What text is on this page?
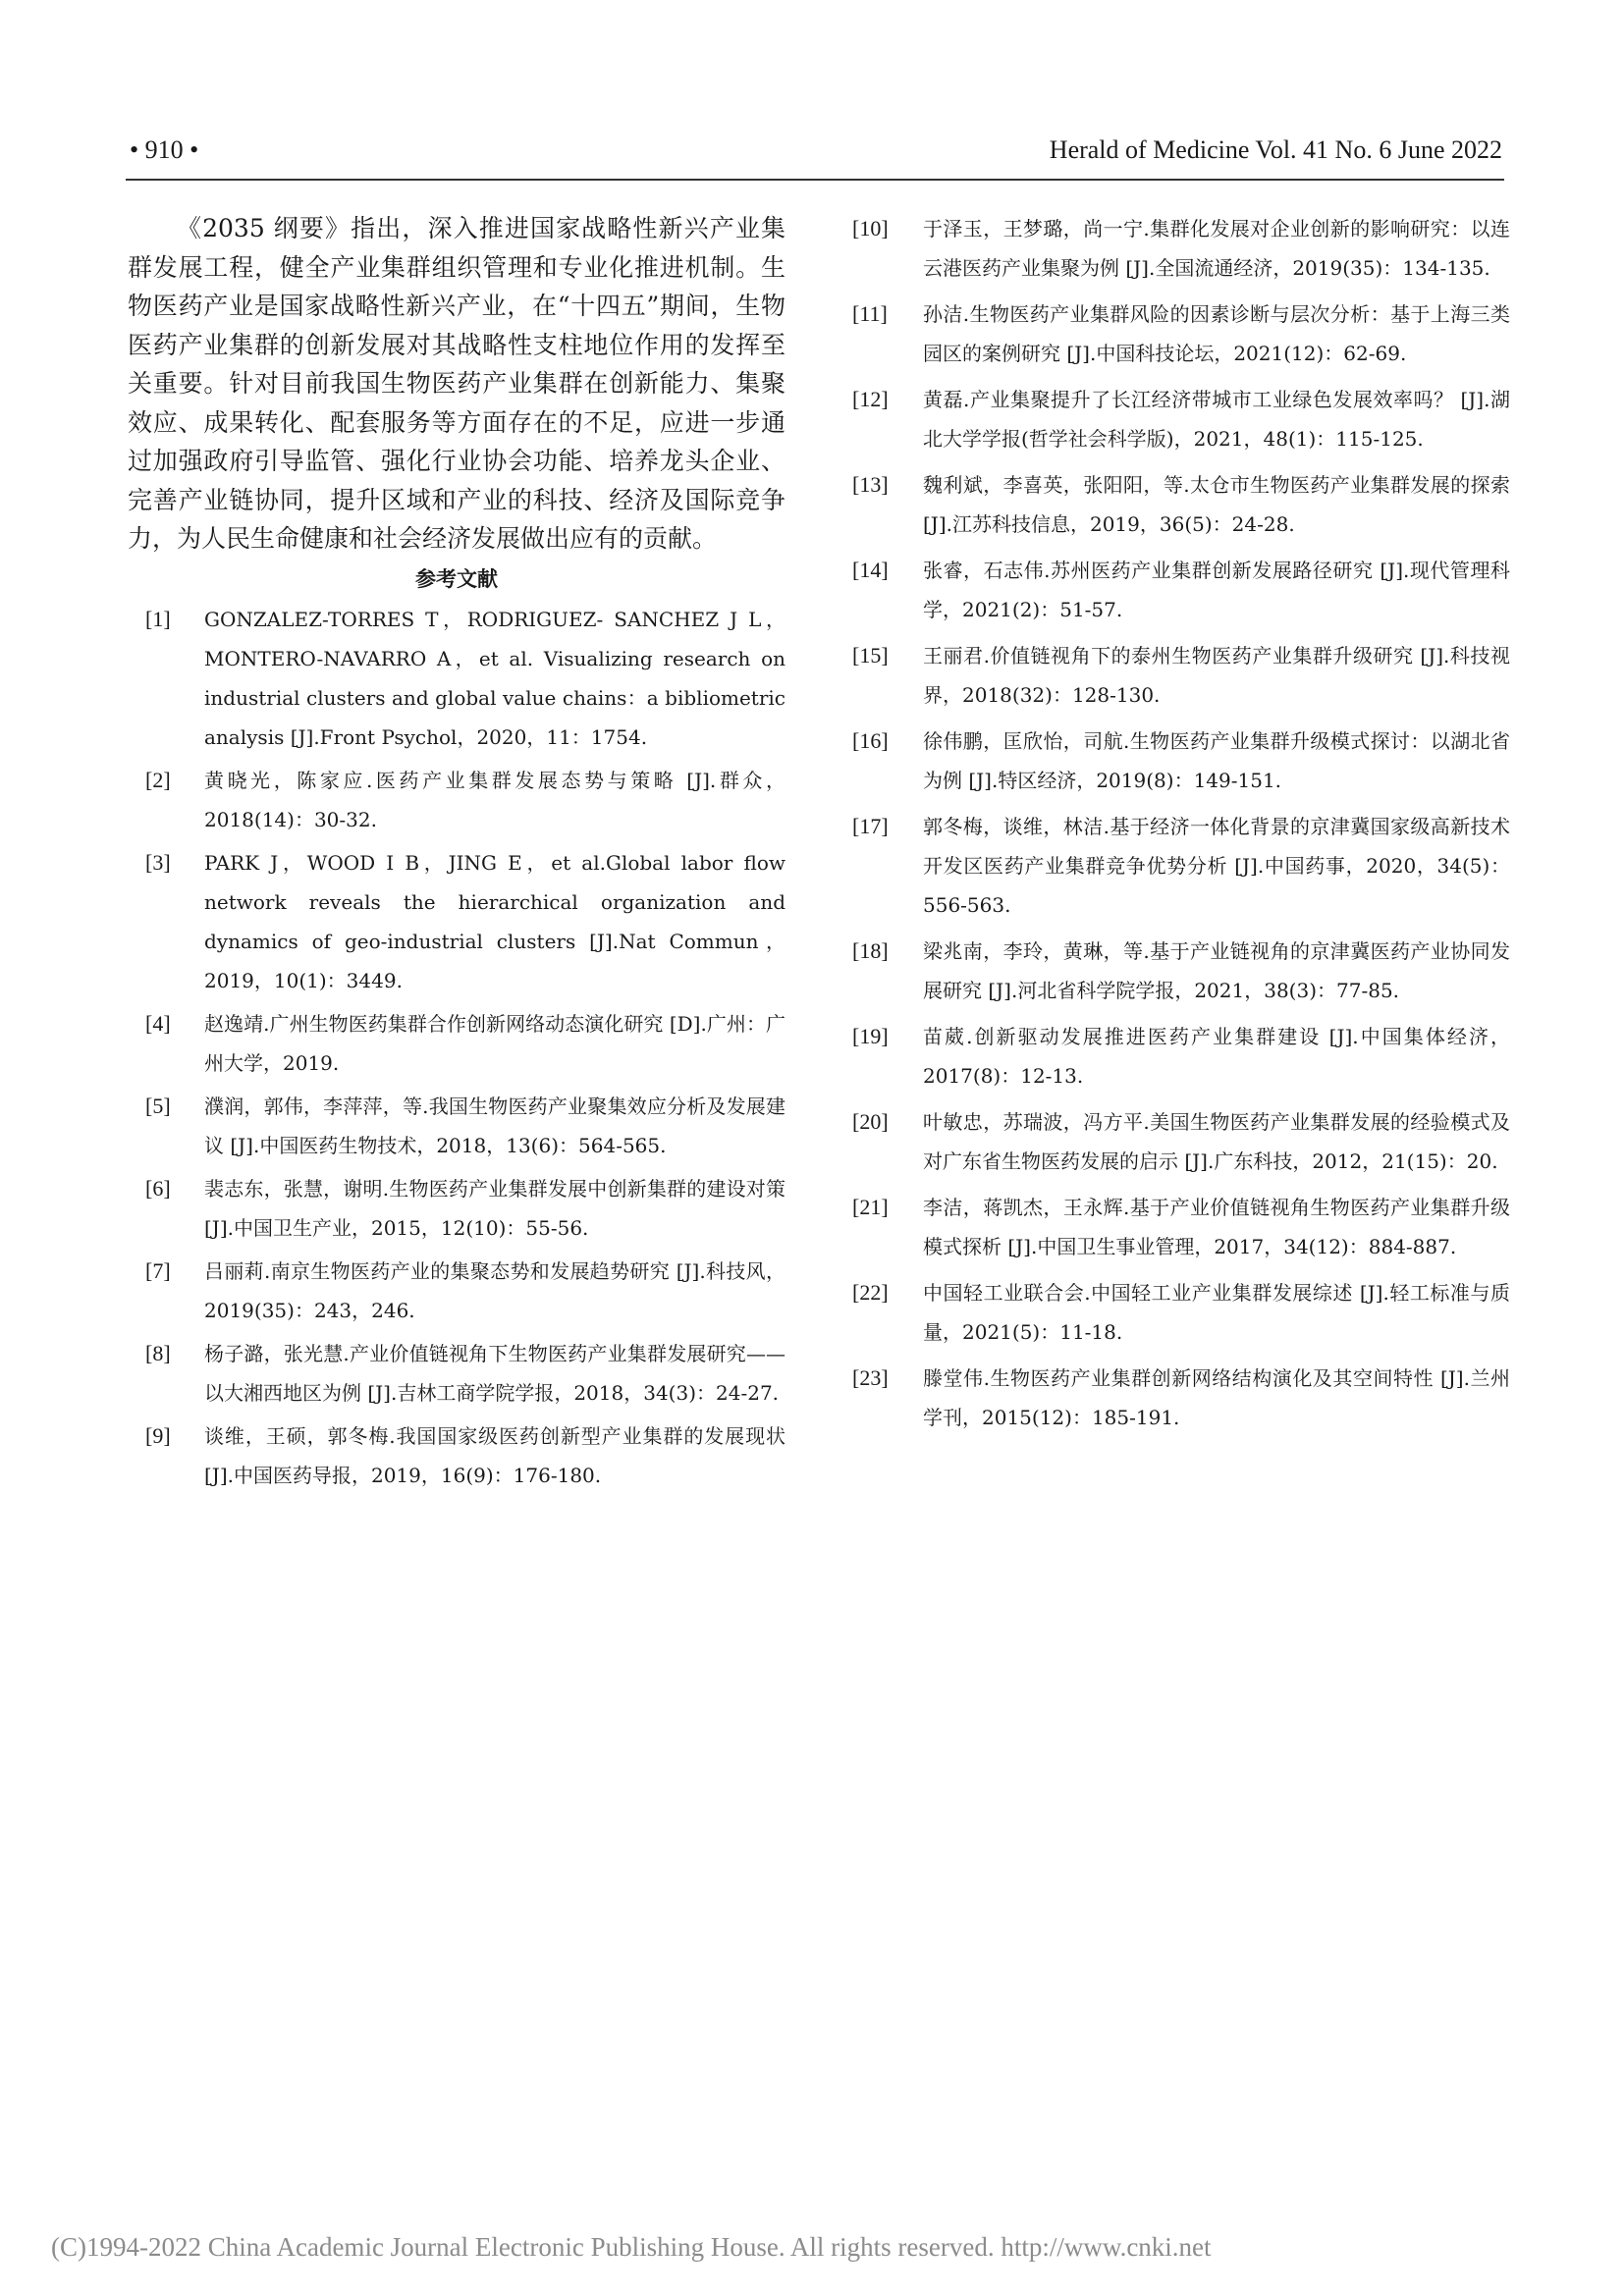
• 910 •	Herald of Medicine Vol. 41 No. 6 June 2022

《2035 纲要》指出，深入推进国家战略性新兴产业集群发展工程，健全产业集群组织管理和专业化推进机制。生物医药产业是国家战略性新兴产业，在“十四五”期间，生物医药产业集群的创新发展对其战略性支柱地位作用的发挥至关重要。针对目前我国生物医药产业集群在创新能力、集聚效应、成果转化、配套服务等方面存在的不足，应进一步通过加强政府引导监管、强化行业协会功能、培养龙头企业、完善产业链协同，提升区域和产业的科技、经济及国际竞争力，为人民生命健康和社会经济发展做出应有的贡献。

参考文献
[1] GONZALEZ-TORRES T，RODRIGUEZ- SANCHEZ J L，MONTERO-NAVARRO A，et al. Visualizing research on industrial clusters and global value chains：a bibliometric analysis [J].Front Psychol，2020，11：1754.
[2] 黄晓光，陈家应.医药产业集群发展态势与策略 [J].群众，2018(14)：30-32.
[3] PARK J，WOOD I B，JING E，et al.Global labor flow network reveals the hierarchical organization and dynamics of geo-industrial clusters [J].Nat Commun，2019，10(1)：3449.
[4] 赵逸靖.广州生物医药集群合作创新网络动态演化研究 [D].广州：广州大学，2019.
[5] 濮润，郭伟，李萍萍，等.我国生物医药产业聚集效应分析及发展建议 [J].中国医药生物技术，2018，13(6)：564-565.
[6] 裴志东，张慧，谢明.生物医药产业集群发展中创新集群的建设对策 [J].中国卫生产业，2015，12(10)：55-56.
[7] 吕丽莉.南京生物医药产业的集聚态势和发展趋势研究 [J].科技风，2019(35)：243，246.
[8] 杨子潞，张光慧.产业价值链视角下生物医药产业集群发展研究——以大湘西地区为例 [J].吉林工商学院学报，2018，34(3)：24-27.
[9] 谈维，王硕，郭冬梅.我国国家级医药创新型产业集群的发展现状 [J].中国医药导报，2019，16(9)：176-180.
[10] 于泽玉，王梦璐，尚一宁.集群化发展对企业创新的影响研究：以连云港医药产业集聚为例 [J].全国流通经济，2019(35)：134-135.
[11] 孙洁.生物医药产业集群风险的因素诊断与层次分析：基于上海三类园区的案例研究 [J].中国科技论坛，2021(12)：62-69.
[12] 黄磊.产业集聚提升了长江经济带城市工业绿色发展效率吗？ [J].湖北大学学报(哲学社会科学版)，2021，48(1)：115-125.
[13] 魏利斌，李喜英，张阳阳，等.太仓市生物医药产业集群发展的探索 [J].江苏科技信息，2019，36(5)：24-28.
[14] 张睿，石志伟.苏州医药产业集群创新发展路径研究 [J].现代管理科学，2021(2)：51-57.
[15] 王丽君.价值链视角下的泰州生物医药产业集群升级研究 [J].科技视界，2018(32)：128-130.
[16] 徐伟鹏，匡欣怡，司航.生物医药产业集群升级模式探讨：以湖北省为例 [J].特区经济，2019(8)：149-151.
[17] 郭冬梅，谈维，林洁.基于经济一体化背景的京津冀国家级高新技术开发区医药产业集群竞争优势分析 [J].中国药事，2020，34(5)：556-563.
[18] 梁兆南，李玲，黄琳，等.基于产业链视角的京津冀医药产业协同发展研究 [J].河北省科学院学报，2021，38(3)：77-85.
[19] 苗葳.创新驱动发展推进医药产业集群建设 [J].中国集体经济，2017(8)：12-13.
[20] 叶敏忠，苏瑞波，冯方平.美国生物医药产业集群发展的经验模式及对广东省生物医药发展的启示 [J].广东科技，2012，21(15)：20.
[21] 李洁，蒋凯杰，王永辉.基于产业价值链视角生物医药产业集群升级模式探析 [J].中国卫生事业管理，2017，34(12)：884-887.
[22] 中国轻工业联合会.中国轻工业产业集群发展综述 [J].轻工标准与质量，2021(5)：11-18.
[23] 滕堂伟.生物医药产业集群创新网络结构演化及其空间特性 [J].兰州学刊，2015(12)：185-191.
(C)1994-2022 China Academic Journal Electronic Publishing House. All rights reserved. http://www.cnki.net
